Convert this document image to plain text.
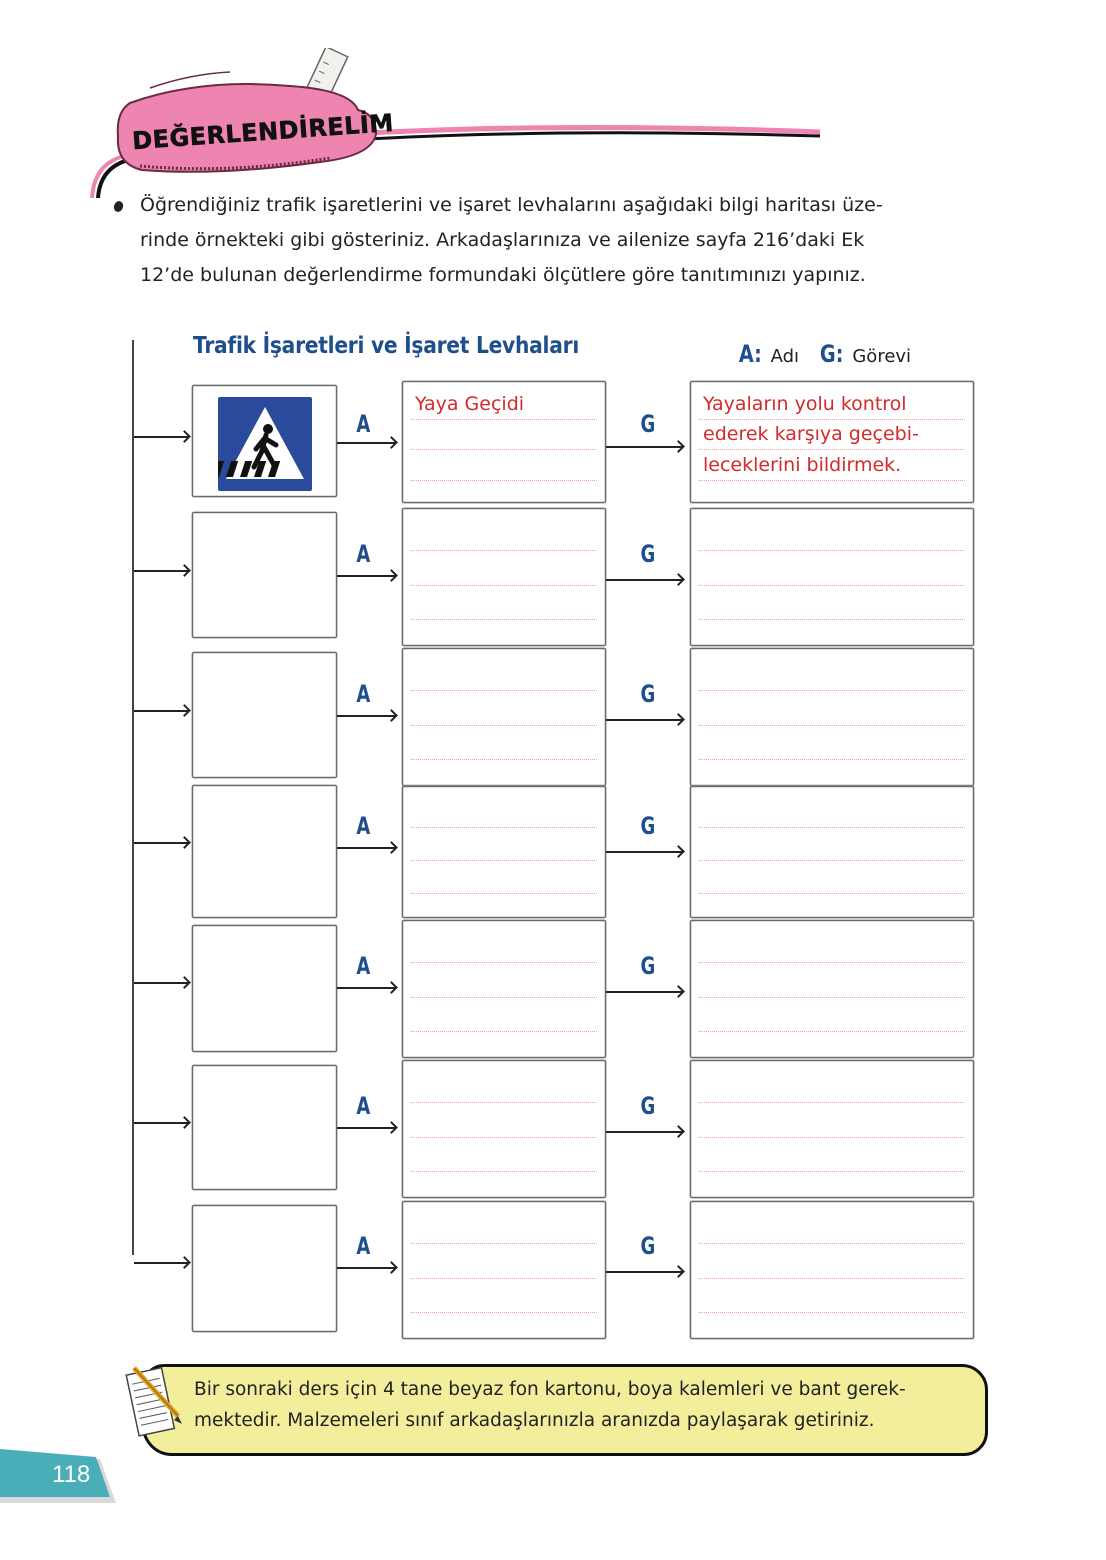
DEĞERLENDİRELİM
Öğrendiğiniz trafik işaretlerini ve işaret levhalarını aşağıdaki bilgi haritası üze-
rinde örnekteki gibi gösteriniz. Arkadaşlarınıza ve ailenize sayfa 216’daki Ek
12’de bulunan değerlendirme formundaki ölçütlere göre tanıtımınızı yapınız.
Trafik İşaretleri ve İşaret Levhaları	A: Adı G: Görevi
A
Yaya Geçidi
G
Yayaların yolu kontrol
ederek karşıya geçebi-
leceklerini bildirmek.
A	G
A	G
A	G
A	G
A	G
A	G
Bir sonraki ders için 4 tane beyaz fon kartonu, boya kalemleri ve bant gerek-
mektedir. Malzemeleri sınıf arkadaşlarınızla aranızda paylaşarak getiriniz.
118
